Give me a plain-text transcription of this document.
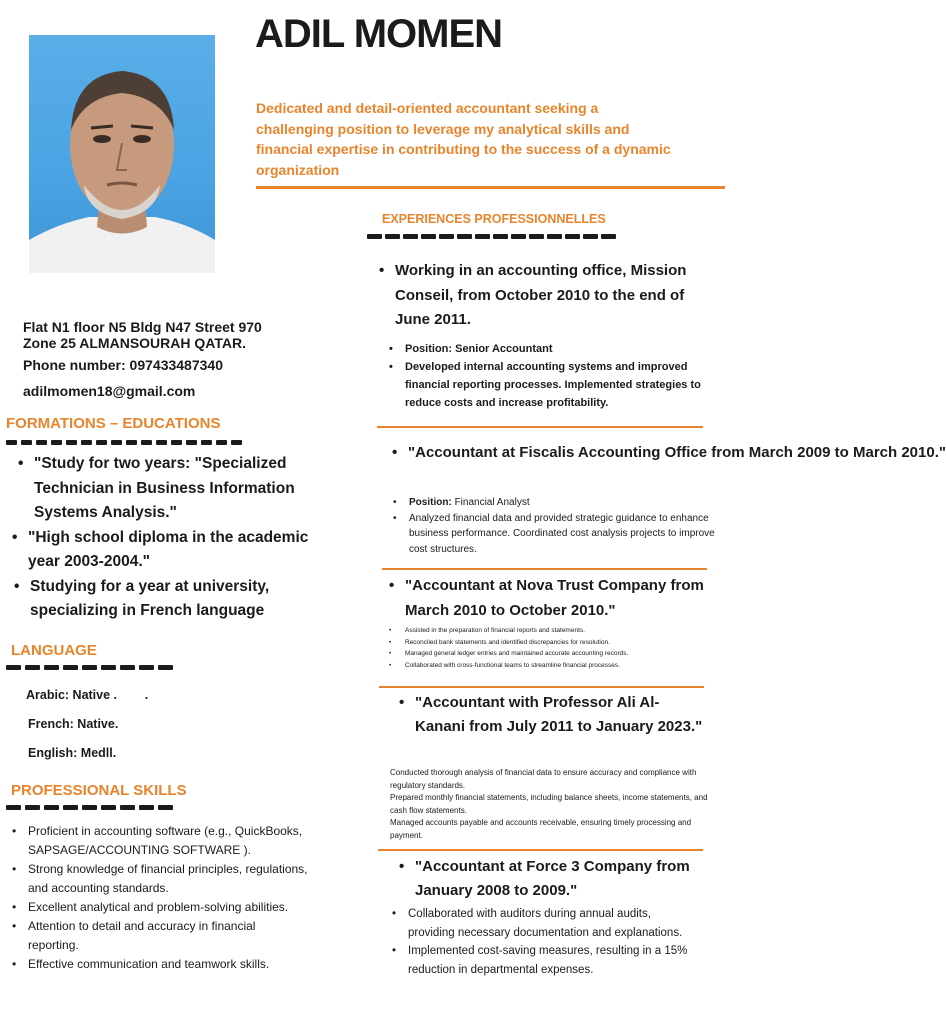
ADIL MOMEN
Dedicated and detail-oriented accountant seeking a challenging position to leverage my analytical skills and financial expertise in contributing to the success of a dynamic organization
Flat N1 floor N5 Bldg N47 Street 970
Zone 25 ALMANSOURAH QATAR.
Phone number: 097433487340
adilmomen18@gmail.com
FORMATIONS – EDUCATIONS
• "Study for two years: "Specialized Technician in Business Information Systems Analysis."
• "High school diploma in the academic year 2003-2004."
• Studying for a year at university, specializing in French language
LANGUAGE
Arabic: Native .        .
French: Native.
English: Medll.
PROFESSIONAL SKILLS
• Proficient in accounting software (e.g., QuickBooks, SAPSAGE/ACCOUNTING SOFTWARE ).
• Strong knowledge of financial principles, regulations, and accounting standards.
• Excellent analytical and problem-solving abilities.
• Attention to detail and accuracy in financial reporting.
• Effective communication and teamwork skills.
EXPERIENCES PROFESSIONNELLES
• Working in an accounting office, Mission Conseil, from October 2010 to the end of June 2011.
• Position: Senior Accountant
• Developed internal accounting systems and improved financial reporting processes. Implemented strategies to reduce costs and increase profitability.
• "Accountant at Fiscalis Accounting Office from March 2009 to March 2010."
• Position: Financial Analyst
• Analyzed financial data and provided strategic guidance to enhance business performance. Coordinated cost analysis projects to improve cost structures.
• "Accountant at Nova Trust Company from March 2010 to October 2010."
• Assisted in the preparation of financial reports and statements.
• Reconciled bank statements and identified discrepancies for resolution.
• Managed general ledger entries and maintained accurate accounting records.
• Collaborated with cross-functional teams to streamline financial processes.
• "Accountant with Professor Ali Al-Kanani from July 2011 to January 2023."
Conducted thorough analysis of financial data to ensure accuracy and compliance with regulatory standards.
Prepared monthly financial statements, including balance sheets, income statements, and cash flow statements.
Managed accounts payable and accounts receivable, ensuring timely processing and payment.
• "Accountant at Force 3 Company from January 2008 to 2009."
• Collaborated with auditors during annual audits, providing necessary documentation and explanations.
• Implemented cost-saving measures, resulting in a 15% reduction in departmental expenses.
